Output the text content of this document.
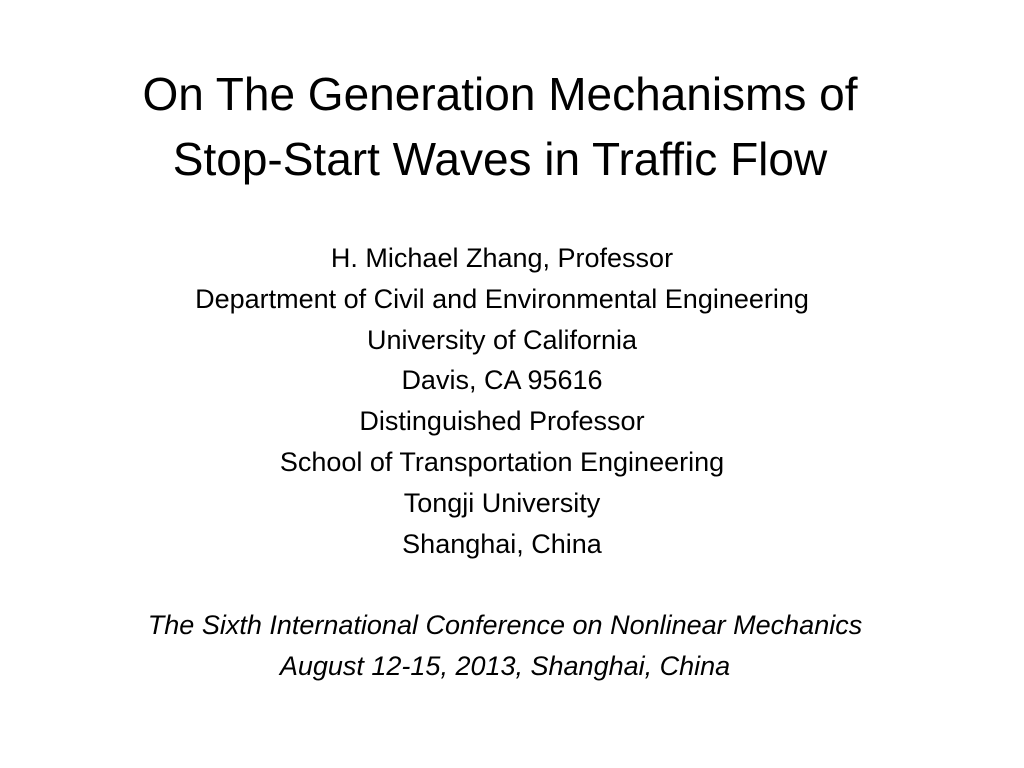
On The Generation Mechanisms of
Stop-Start Waves in Traffic Flow
H. Michael Zhang, Professor
Department of Civil and Environmental Engineering
University of California
Davis, CA 95616
Distinguished Professor
School of Transportation Engineering
Tongji University
Shanghai, China
The Sixth International Conference on Nonlinear Mechanics
August 12-15, 2013, Shanghai, China
